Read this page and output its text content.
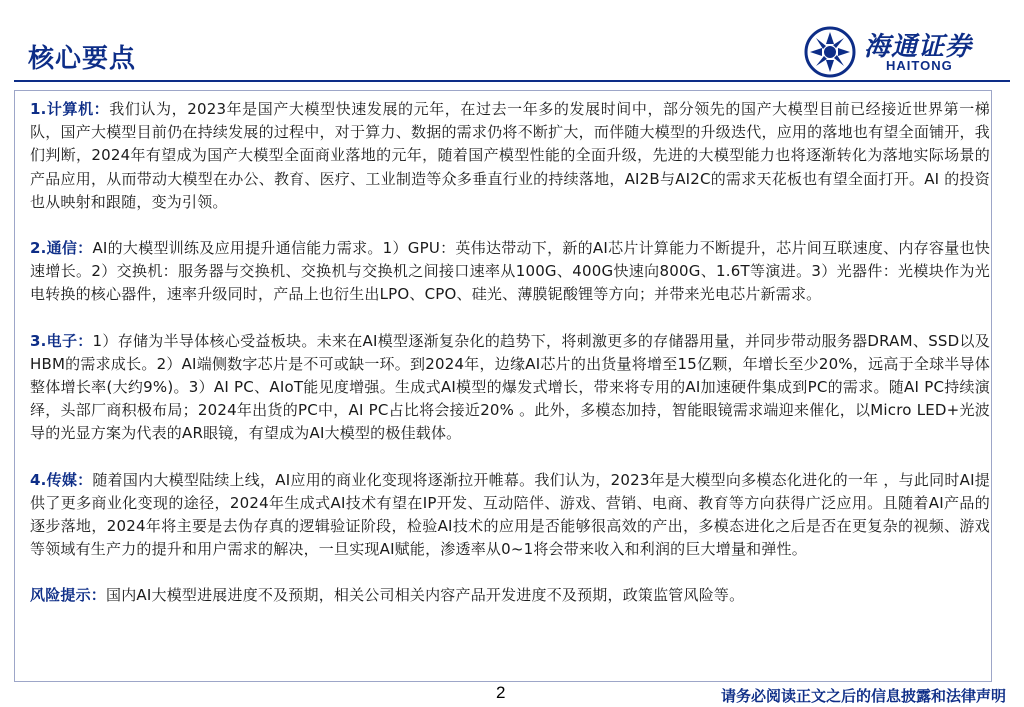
核心要点	海通证券
HAITONG

1.计算机：我们认为，2023年是国产大模型快速发展的元年，在过去一年多的发展时间中，部分领先的国产大模型目前已经接近世界第一梯队，国产大模型目前仍在持续发展的过程中，对于算力、数据的需求仍将不断扩大，而伴随大模型的升级迭代，应用的落地也有望全面铺开，我们判断，2024年有望成为国产大模型全面商业落地的元年，随着国产模型性能的全面升级，先进的大模型能力也将逐渐转化为落地实际场景的产品应用，从而带动大模型在办公、教育、医疗、工业制造等众多垂直行业的持续落地，AI2B与AI2C的需求天花板也有望全面打开。AI 的投资也从映射和跟随，变为引领。

2.通信：AI的大模型训练及应用提升通信能力需求。1）GPU：英伟达带动下，新的AI芯片计算能力不断提升，芯片间互联速度、内存容量也快速增长。2）交换机：服务器与交换机、交换机与交换机之间接口速率从100G、400G快速向800G、1.6T等演进。3）光器件：光模块作为光电转换的核心器件，速率升级同时，产品上也衍生出LPO、CPO、硅光、薄膜铌酸锂等方向；并带来光电芯片新需求。

3.电子：1）存储为半导体核心受益板块。未来在AI模型逐渐复杂化的趋势下，将刺激更多的存储器用量，并同步带动服务器DRAM、SSD以及HBM的需求成长。2）AI端侧数字芯片是不可或缺一环。到2024年，边缘AI芯片的出货量将增至15亿颗，年增长至少20%，远高于全球半导体整体增长率(大约9%)。3）AI PC、AIoT能见度增强。生成式AI模型的爆发式增长，带来将专用的AI加速硬件集成到PC的需求。随AI PC持续演绎，头部厂商积极布局；2024年出货的PC中，AI PC占比将会接近20% 。此外，多模态加持，智能眼镜需求端迎来催化，以Micro LED+光波导的光显方案为代表的AR眼镜，有望成为AI大模型的极佳载体。

4.传媒：随着国内大模型陆续上线，AI应用的商业化变现将逐渐拉开帷幕。我们认为，2023年是大模型向多模态化进化的一年 ，与此同时AI提供了更多商业化变现的途径，2024年生成式AI技术有望在IP开发、互动陪伴、游戏、营销、电商、教育等方向获得广泛应用。且随着AI产品的逐步落地，2024年将主要是去伪存真的逻辑验证阶段，检验AI技术的应用是否能够很高效的产出，多模态进化之后是否在更复杂的视频、游戏等领域有生产力的提升和用户需求的解决，一旦实现AI赋能，渗透率从0~1将会带来收入和利润的巨大增量和弹性。

风险提示：国内AI大模型进展进度不及预期，相关公司相关内容产品开发进度不及预期，政策监管风险等。

2	请务必阅读正文之后的信息披露和法律声明
